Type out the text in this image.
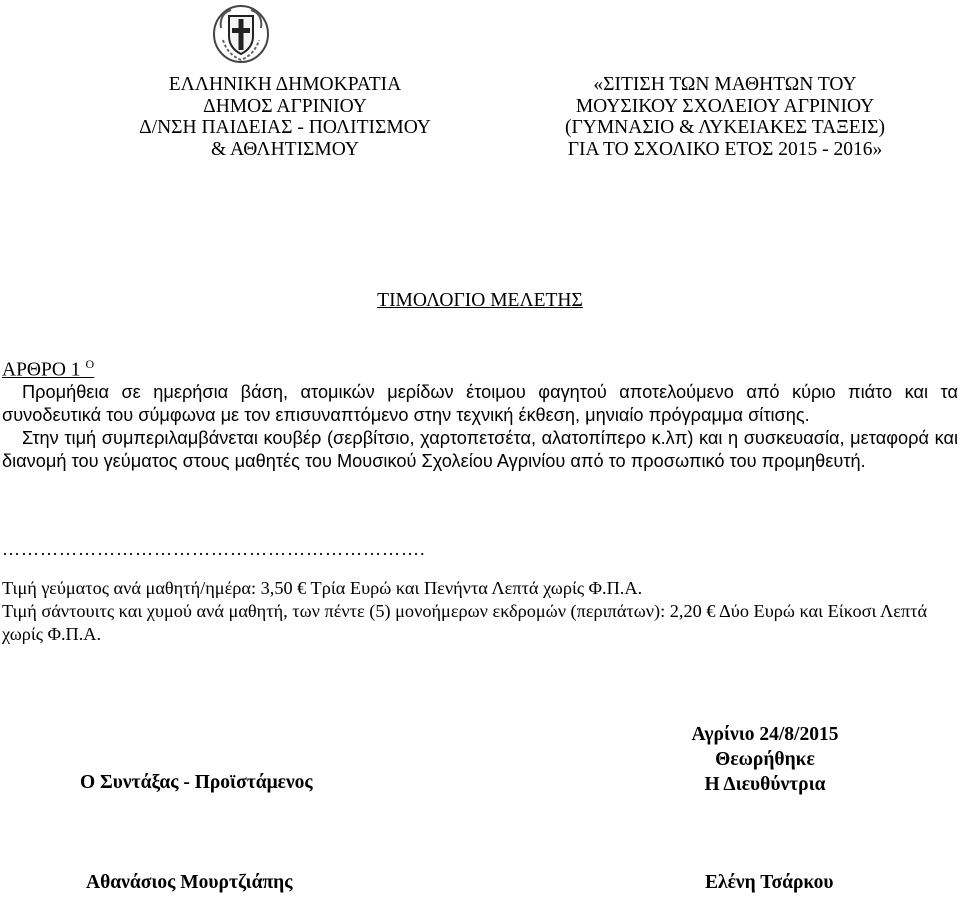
ΕΛΛΗΝΙΚΗ ΔΗΜΟΚΡΑΤΙΑ
ΔΗΜΟΣ ΑΓΡΙΝΙΟΥ
Δ/ΝΣΗ ΠΑΙΔΕΙΑΣ - ΠΟΛΙΤΙΣΜΟΥ
& ΑΘΛΗΤΙΣΜΟΥ
«ΣΙΤΙΣΗ ΤΩΝ ΜΑΘΗΤΩΝ ΤΟΥ
ΜΟΥΣΙΚΟΥ ΣΧΟΛΕΙΟΥ ΑΓΡΙΝΙΟΥ
(ΓΥΜΝΑΣΙΟ & ΛΥΚΕΙΑΚΕΣ ΤΑΞΕΙΣ)
ΓΙΑ ΤΟ ΣΧΟΛΙΚΟ ΕΤΟΣ 2015 - 2016»
ΤΙΜΟΛΟΓΙΟ ΜΕΛΕΤΗΣ
ΑΡΘΡΟ 1 $^O$

Προμήθεια σε ημερήσια βάση, ατομικών μερίδων έτοιμου φαγητού αποτελούμενο από κύριο πιάτο και τα συνοδευτικά του σύμφωνα με τον επισυναπτόμενο στην τεχνική έκθεση, μηνιαίο πρόγραμμα σίτισης.

Στην τιμή συμπεριλαμβάνεται κουβέρ (σερβίτσιο, χαρτοπετσέτα, αλατοπίπερο κ.λπ) και η συσκευασία, μεταφορά και διανομή του γεύματος στους μαθητές του Μουσικού Σχολείου Αγρινίου από το προσωπικό του προμηθευτή.

………………………………………………………….

Τιμή γεύματος ανά μαθητή/ημέρα: 3,50 € Τρία Ευρώ και Πενήντα Λεπτά χωρίς Φ.Π.Α.

Τιμή σάντουιτς και χυμού ανά μαθητή, των πέντε (5) μονοήμερων εκδρομών (περιπάτων): 2,20 € Δύο Ευρώ και Είκοσι Λεπτά χωρίς Φ.Π.Α.

Αγρίνιο 24/8/2015
Θεωρήθηκε
Η Διευθύντρια
Ο Συντάξας - Προϊστάμενος
Αθανάσιος Μουρτζιάπης	Ελένη Τσάρκου
